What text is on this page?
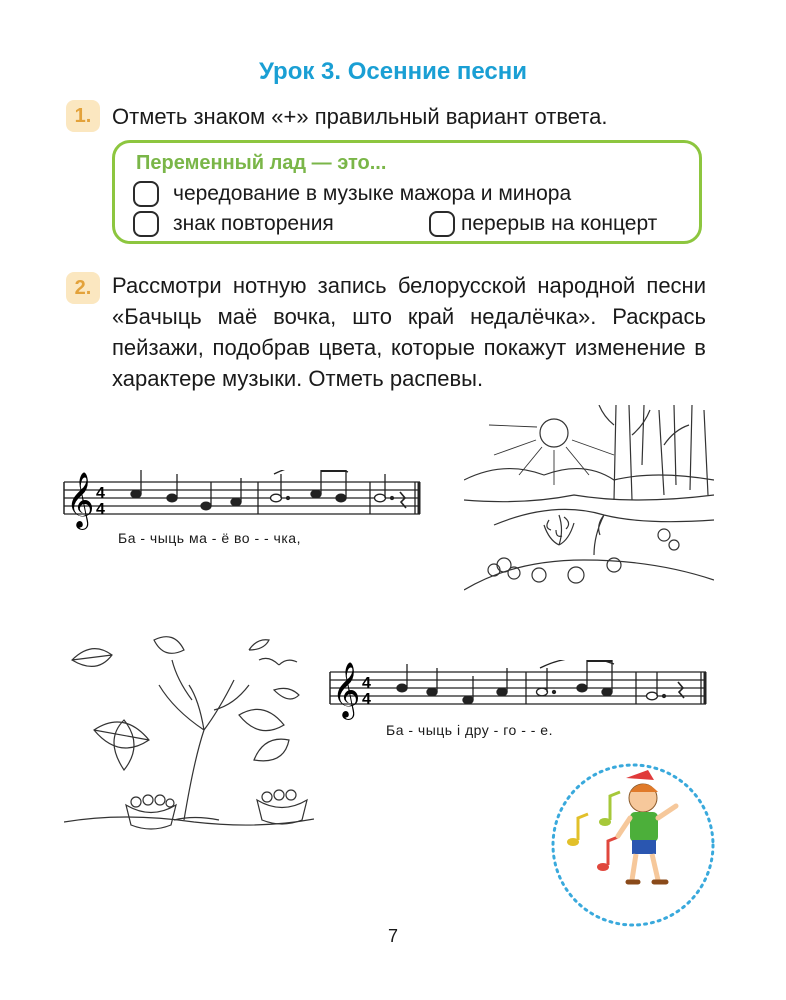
Урок 3. Осенние песни
1. Отметь знаком «+» правильный вариант ответа.
Переменный лад — это...
чередование в музыке мажора и минора
знак повторения	перерыв на концерт
2. Рассмотри нотную запись белорусской народной песни «Бачыць маё вочка, што край недалёчка». Раскрась пейзажи, подобрав цвета, которые покажут изменение в характере музыки. Отметь распевы.
𝄞 4
4
Ба - чыць ма - ё во - - чка,
𝄞 4
4
Ба - чыць і дру - го - - е.
7
